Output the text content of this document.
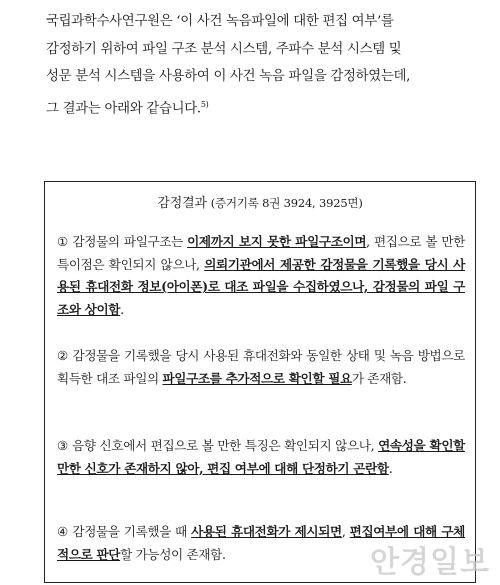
국립과학수사연구원은 ‘이 사건 녹음파일에 대한 편집 여부’를
감정하기 위하여 파일 구조 분석 시스템, 주파수 분석 시스템 및
성문 분석 시스템을 사용하여 이 사건 녹음 파일을 감정하였는데,
그 결과는 아래와 같습니다.$^{5)}$
감정결과 (증거기록 8권 3924, 3925면)
① 감정물의 파일구조는 이제까지 보지 못한 파일구조이며, 편집으로 볼 만한 특이점은 확인되지 않으나, 의뢰기관에서 제공한 감정물을 기록했을 당시 사용된 휴대전화 정보(아이폰)로 대조 파일을 수집하였으나, 감정물의 파일 구조와 상이함.
② 감정물을 기록했을 당시 사용된 휴대전화와 동일한 상태 및 녹음 방법으로 획득한 대조 파일의 파일구조를 추가적으로 확인할 필요가 존재함.
③ 음향 신호에서 편집으로 볼 만한 특징은 확인되지 않으나, 연속성을 확인할 만한 신호가 존재하지 않아, 편집 여부에 대해 단정하기 곤란함.
④ 감정물을 기록했을 때 사용된 휴대전화가 제시되면, 편집여부에 대해 구체적으로 판단할 가능성이 존재함.	안경일보
